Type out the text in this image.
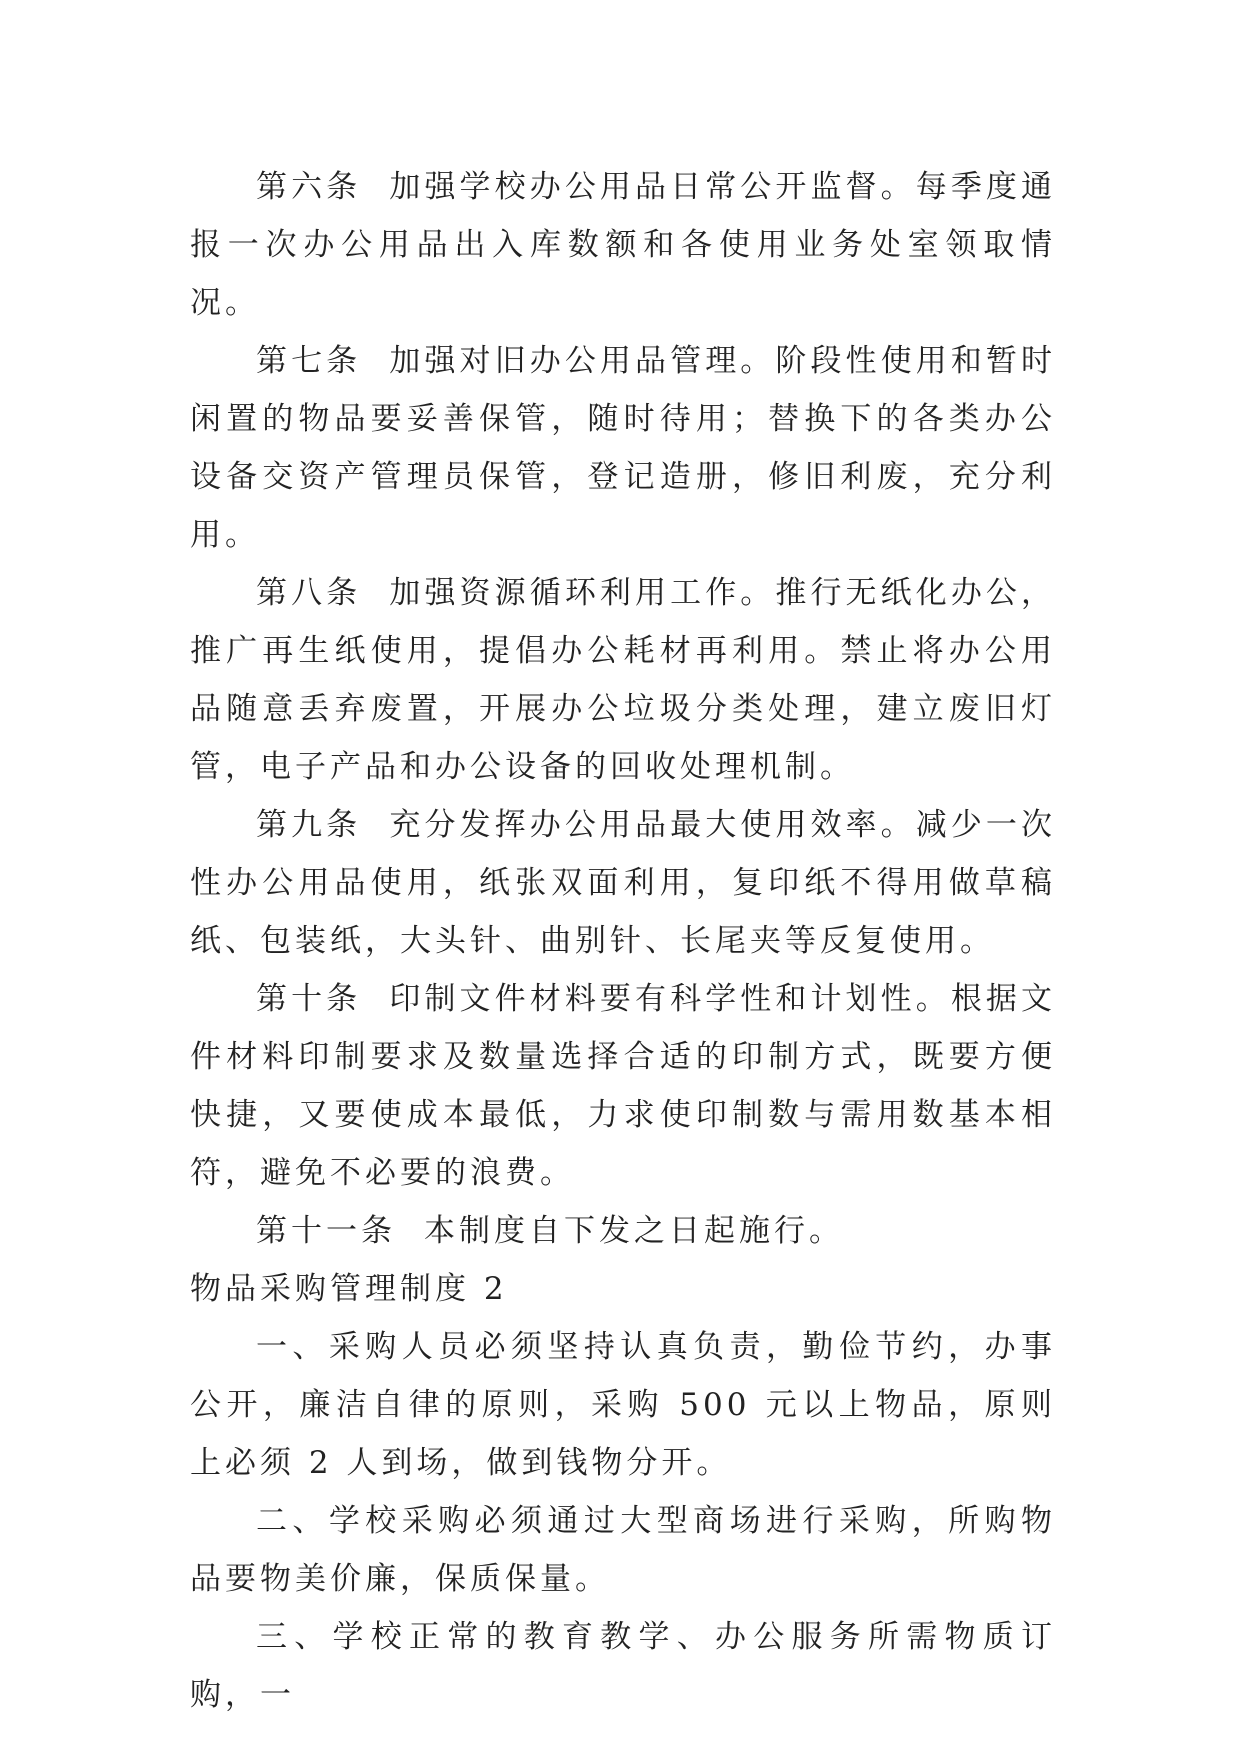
第六条 加强学校办公用品日常公开监督。每季度通报一次办公用品出入库数额和各使用业务处室领取情况。

第七条 加强对旧办公用品管理。阶段性使用和暂时闲置的物品要妥善保管，随时待用；替换下的各类办公设备交资产管理员保管，登记造册，修旧利废，充分利用。

第八条 加强资源循环利用工作。推行无纸化办公，推广再生纸使用，提倡办公耗材再利用。禁止将办公用品随意丢弃废置，开展办公垃圾分类处理，建立废旧灯管，电子产品和办公设备的回收处理机制。

第九条 充分发挥办公用品最大使用效率。减少一次性办公用品使用，纸张双面利用，复印纸不得用做草稿纸、包装纸，大头针、曲别针、长尾夹等反复使用。

第十条 印制文件材料要有科学性和计划性。根据文件材料印制要求及数量选择合适的印制方式，既要方便快捷，又要使成本最低，力求使印制数与需用数基本相符，避免不必要的浪费。

第十一条 本制度自下发之日起施行。

物品采购管理制度 2

一、采购人员必须坚持认真负责，勤俭节约，办事公开，廉洁自律的原则，采购 500 元以上物品，原则上必须 2 人到场，做到钱物分开。

二、学校采购必须通过大型商场进行采购，所购物品要物美价廉，保质保量。

三、学校正常的教育教学、办公服务所需物质订购，一
